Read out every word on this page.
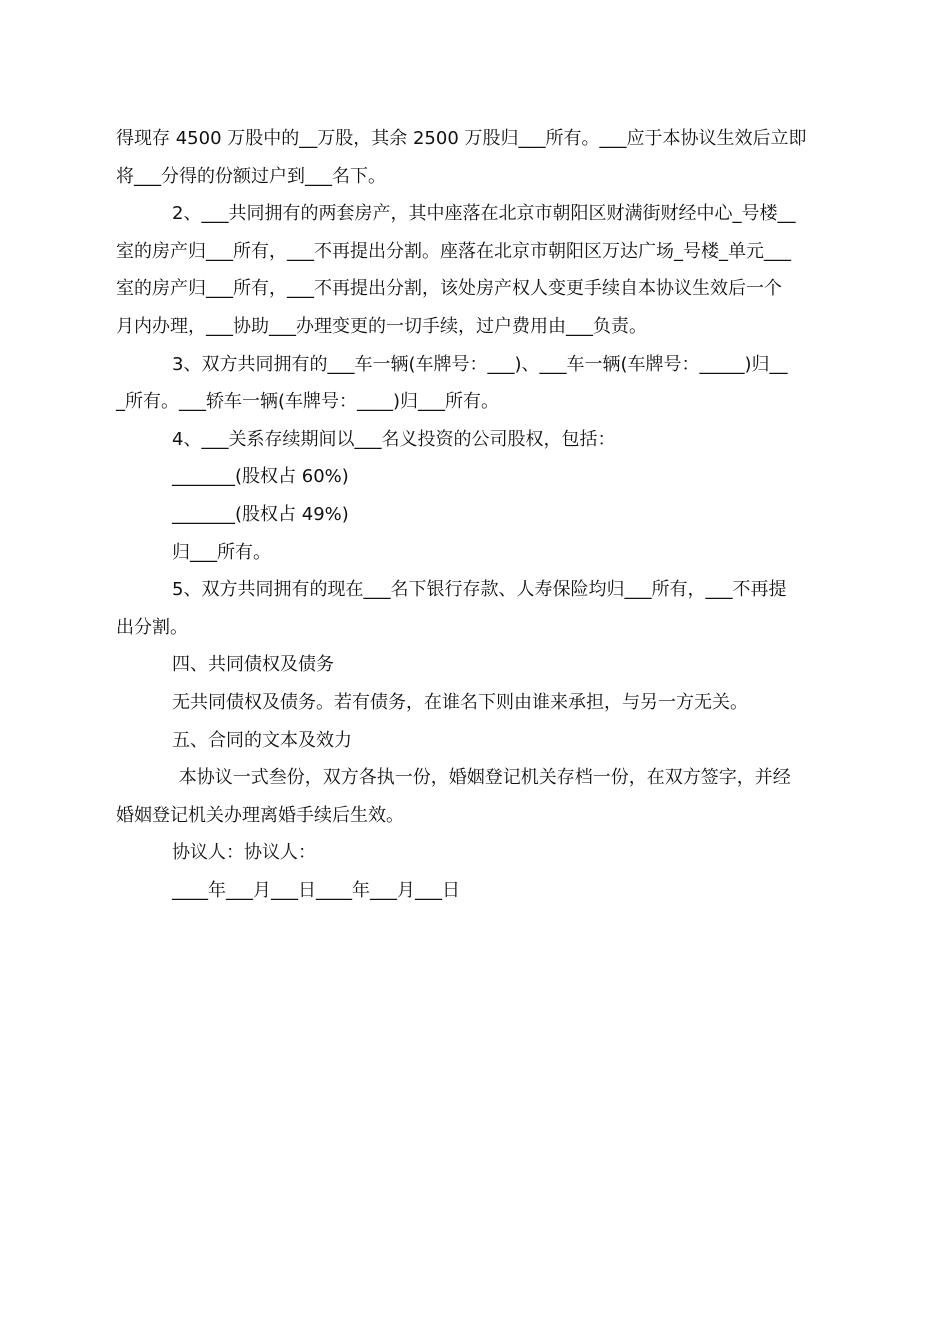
得现存 4500 万股中的__万股，其余 2500 万股归___所有。___应于本协议生效后立即
将___分得的份额过户到___名下。
2、___共同拥有的两套房产，其中座落在北京市朝阳区财满街财经中心_号楼__
室的房产归___所有，___不再提出分割。座落在北京市朝阳区万达广场_号楼_单元___
室的房产归___所有，___不再提出分割，该处房产权人变更手续自本协议生效后一个
月内办理，___协助___办理变更的一切手续，过户费用由___负责。
3、双方共同拥有的___车一辆(车牌号：___)、___车一辆(车牌号：_____)归__
_所有。___轿车一辆(车牌号：____)归___所有。
4、___关系存续期间以___名义投资的公司股权，包括：
_______(股权占 60%)
_______(股权占 49%)
归___所有。
5、双方共同拥有的现在___名下银行存款、人寿保险均归___所有，___不再提
出分割。
四、共同债权及债务
无共同债权及债务。若有债务，在谁名下则由谁来承担，与另一方无关。
五、合同的文本及效力
本协议一式叁份，双方各执一份，婚姻登记机关存档一份，在双方签字，并经
婚姻登记机关办理离婚手续后生效。
协议人：协议人：
____年___月___日____年___月___日
